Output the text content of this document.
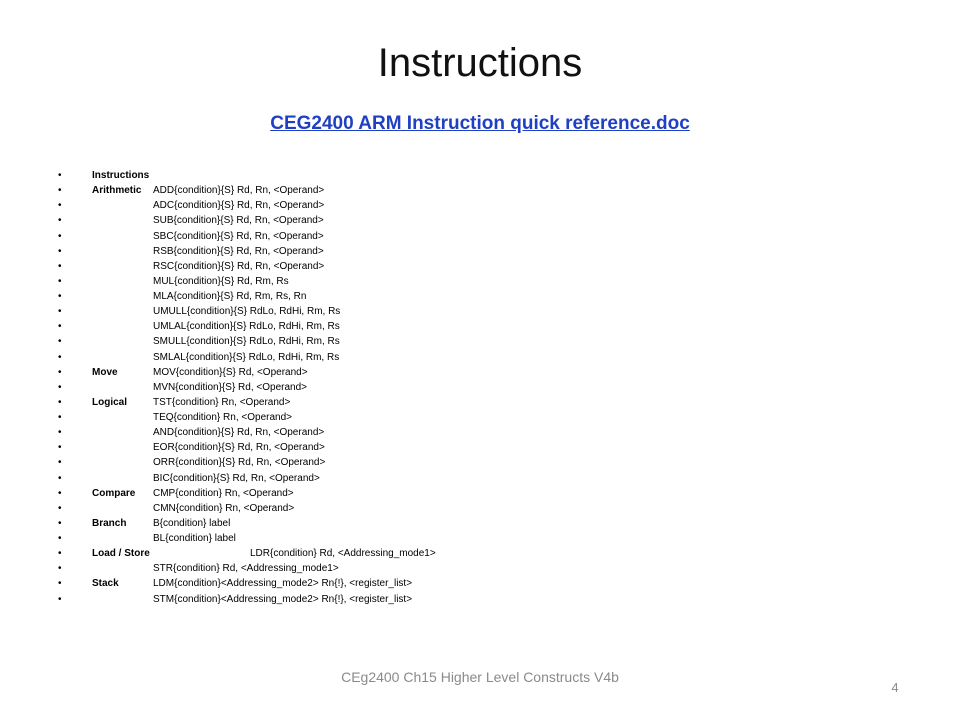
Instructions
CEG2400 ARM Instruction quick reference.doc
•	Instructions
•	Arithmetic ADD{condition}{S} Rd, Rn, <Operand>
•	ADC{condition}{S} Rd, Rn, <Operand>
•	SUB{condition}{S} Rd, Rn, <Operand>
•	SBC{condition}{S} Rd, Rn, <Operand>
•	RSB{condition}{S} Rd, Rn, <Operand>
•	RSC{condition}{S} Rd, Rn, <Operand>
•	MUL{condition}{S} Rd, Rm, Rs
•	MLA{condition}{S} Rd, Rm, Rs, Rn
•	UMULL{condition}{S} RdLo, RdHi, Rm, Rs
•	UMLAL{condition}{S} RdLo, RdHi, Rm, Rs
•	SMULL{condition}{S} RdLo, RdHi, Rm, Rs
•	SMLAL{condition}{S} RdLo, RdHi, Rm, Rs
•	Move	MOV{condition}{S} Rd, <Operand>
•	MVN{condition}{S} Rd, <Operand>
•	Logical	TST{condition} Rn, <Operand>
•	TEQ{condition} Rn, <Operand>
•	AND{condition}{S} Rd, Rn, <Operand>
•	EOR{condition}{S} Rd, Rn, <Operand>
•	ORR{condition}{S} Rd, Rn, <Operand>
•	BIC{condition}{S} Rd, Rn, <Operand>
•	Compare CMP{condition} Rn, <Operand>
•	CMN{condition} Rn, <Operand>
•	Branch	B{condition} label
•	BL{condition} label
•	Load / Store	LDR{condition} Rd, <Addressing_mode1>
•	STR{condition} Rd, <Addressing_mode1>
•	Stack	LDM{condition}<Addressing_mode2> Rn{!}, <register_list>
•	STM{condition}<Addressing_mode2> Rn{!}, <register_list>
CEg2400 Ch15 Higher Level Constructs V4b
4
